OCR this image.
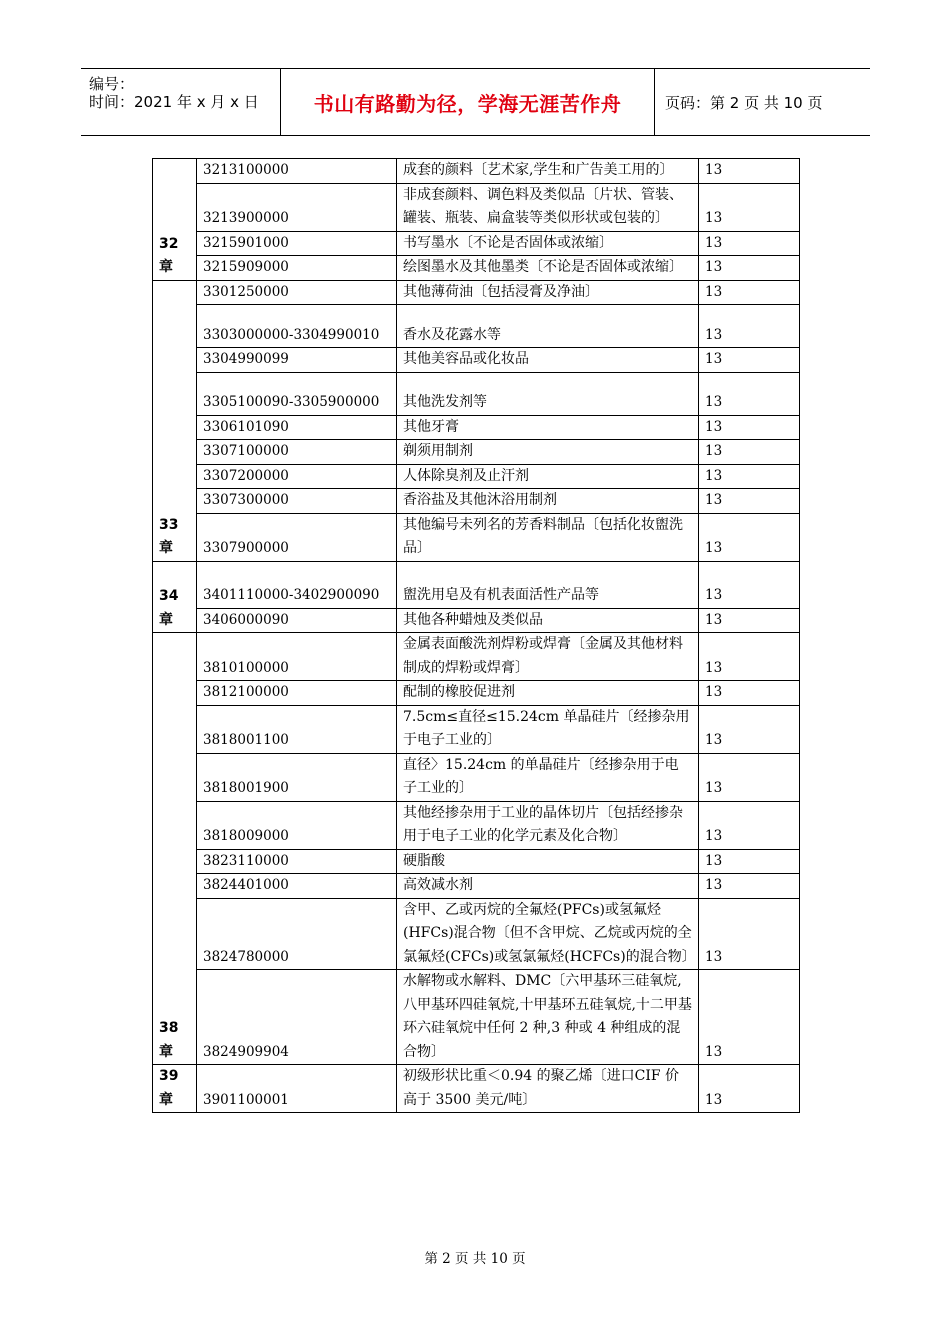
编号：
时间：2021 年 x 月 x 日	书山有路勤为径，学海无涯苦作舟	页码：第 2 页 共 10 页
32
章	3213100000	成套的颜料〔艺术家,学生和广告美工用的〕	13
	3213900000	非成套颜料、调色料及类似品〔片状、管装、罐装、瓶装、扁盒装等类似形状或包装的〕	13
	3215901000	书写墨水〔不论是否固体或浓缩〕	13
	3215909000	绘图墨水及其他墨类〔不论是否固体或浓缩〕	13
33
章	3301250000	其他薄荷油〔包括浸膏及净油〕	13
	3303000000-3304990010	香水及花露水等	13
	3304990099	其他美容品或化妆品	13
	3305100090-3305900000	其他洗发剂等	13
	3306101090	其他牙膏	13
	3307100000	剃须用制剂	13
	3307200000	人体除臭剂及止汗剂	13
	3307300000	香浴盐及其他沐浴用制剂	13
	3307900000	其他编号未列名的芳香料制品〔包括化妆盥洗品〕	13
34
章	3401110000-3402900090	盥洗用皂及有机表面活性产品等	13
	3406000090	其他各种蜡烛及类似品	13
38
章	3810100000	金属表面酸洗剂焊粉或焊膏〔金属及其他材料制成的焊粉或焊膏〕	13
	3812100000	配制的橡胶促进剂	13
	3818001100	7.5cm≤直径≤15.24cm 单晶硅片〔经掺杂用于电子工业的〕	13
	3818001900	直径〉15.24cm 的单晶硅片〔经掺杂用于电子工业的〕	13
	3818009000	其他经掺杂用于工业的晶体切片〔包括经掺杂用于电子工业的化学元素及化合物〕	13
	3823110000	硬脂酸	13
	3824401000	高效减水剂	13
	3824780000	含甲、乙或丙烷的全氟烃(PFCs)或氢氟烃(HFCs)混合物〔但不含甲烷、乙烷或丙烷的全氯氟烃(CFCs)或氢氯氟烃(HCFCs)的混合物〕	13
	3824909904	水解物或水解料、DMC〔六甲基环三硅氧烷,八甲基环四硅氧烷,十甲基环五硅氧烷,十二甲基环六硅氧烷中任何 2 种,3 种或 4 种组成的混合物〕	13
39
章	3901100001	初级形状比重＜0.94 的聚乙烯〔进口CIF 价高于 3500 美元/吨〕	13
第 2 页 共 10 页
